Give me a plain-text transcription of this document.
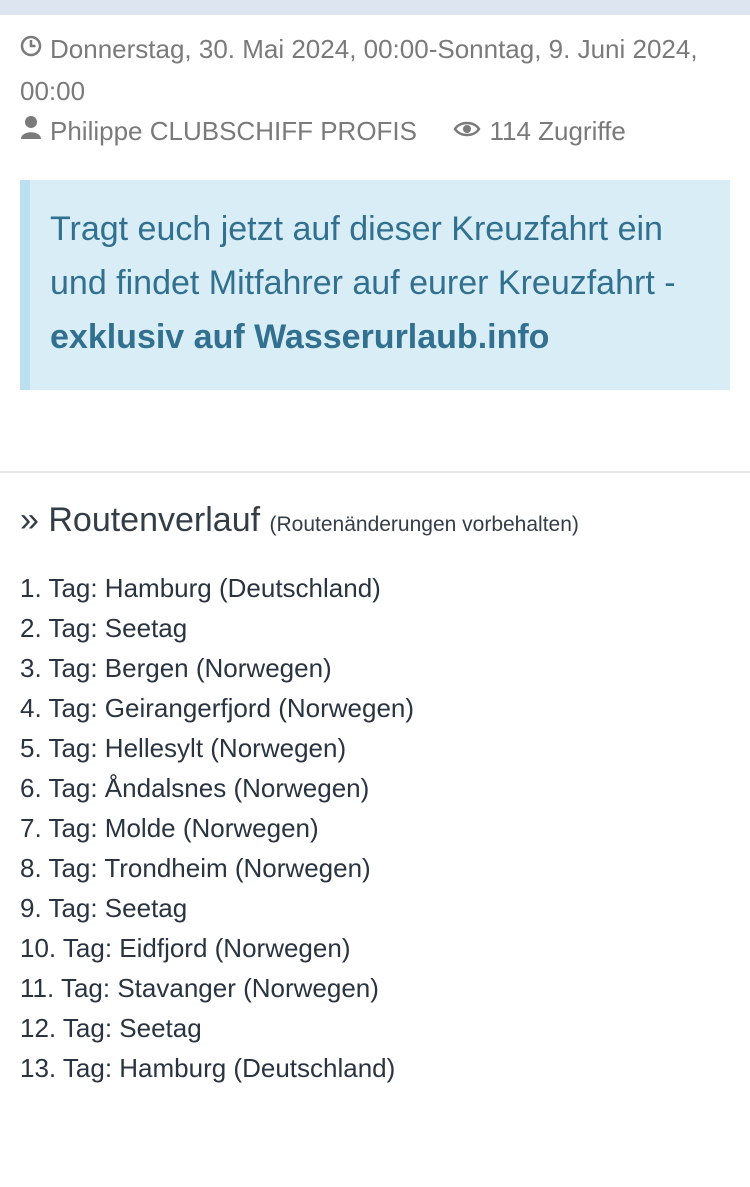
Donnerstag, 30. Mai 2024, 00:00-Sonntag, 9. Juni 2024, 00:00
Philippe CLUBSCHIFF PROFIS	114 Zugriffe
Tragt euch jetzt auf dieser Kreuzfahrt ein und findet Mitfahrer auf eurer Kreuzfahrt - exklusiv auf Wasserurlaub.info
» Routenverlauf (Routenänderungen vorbehalten)
1. Tag: Hamburg (Deutschland)
2. Tag: Seetag
3. Tag: Bergen (Norwegen)
4. Tag: Geirangerfjord (Norwegen)
5. Tag: Hellesylt (Norwegen)
6. Tag: Åndalsnes (Norwegen)
7. Tag: Molde (Norwegen)
8. Tag: Trondheim (Norwegen)
9. Tag: Seetag
10. Tag: Eidfjord (Norwegen)
11. Tag: Stavanger (Norwegen)
12. Tag: Seetag
13. Tag: Hamburg (Deutschland)
